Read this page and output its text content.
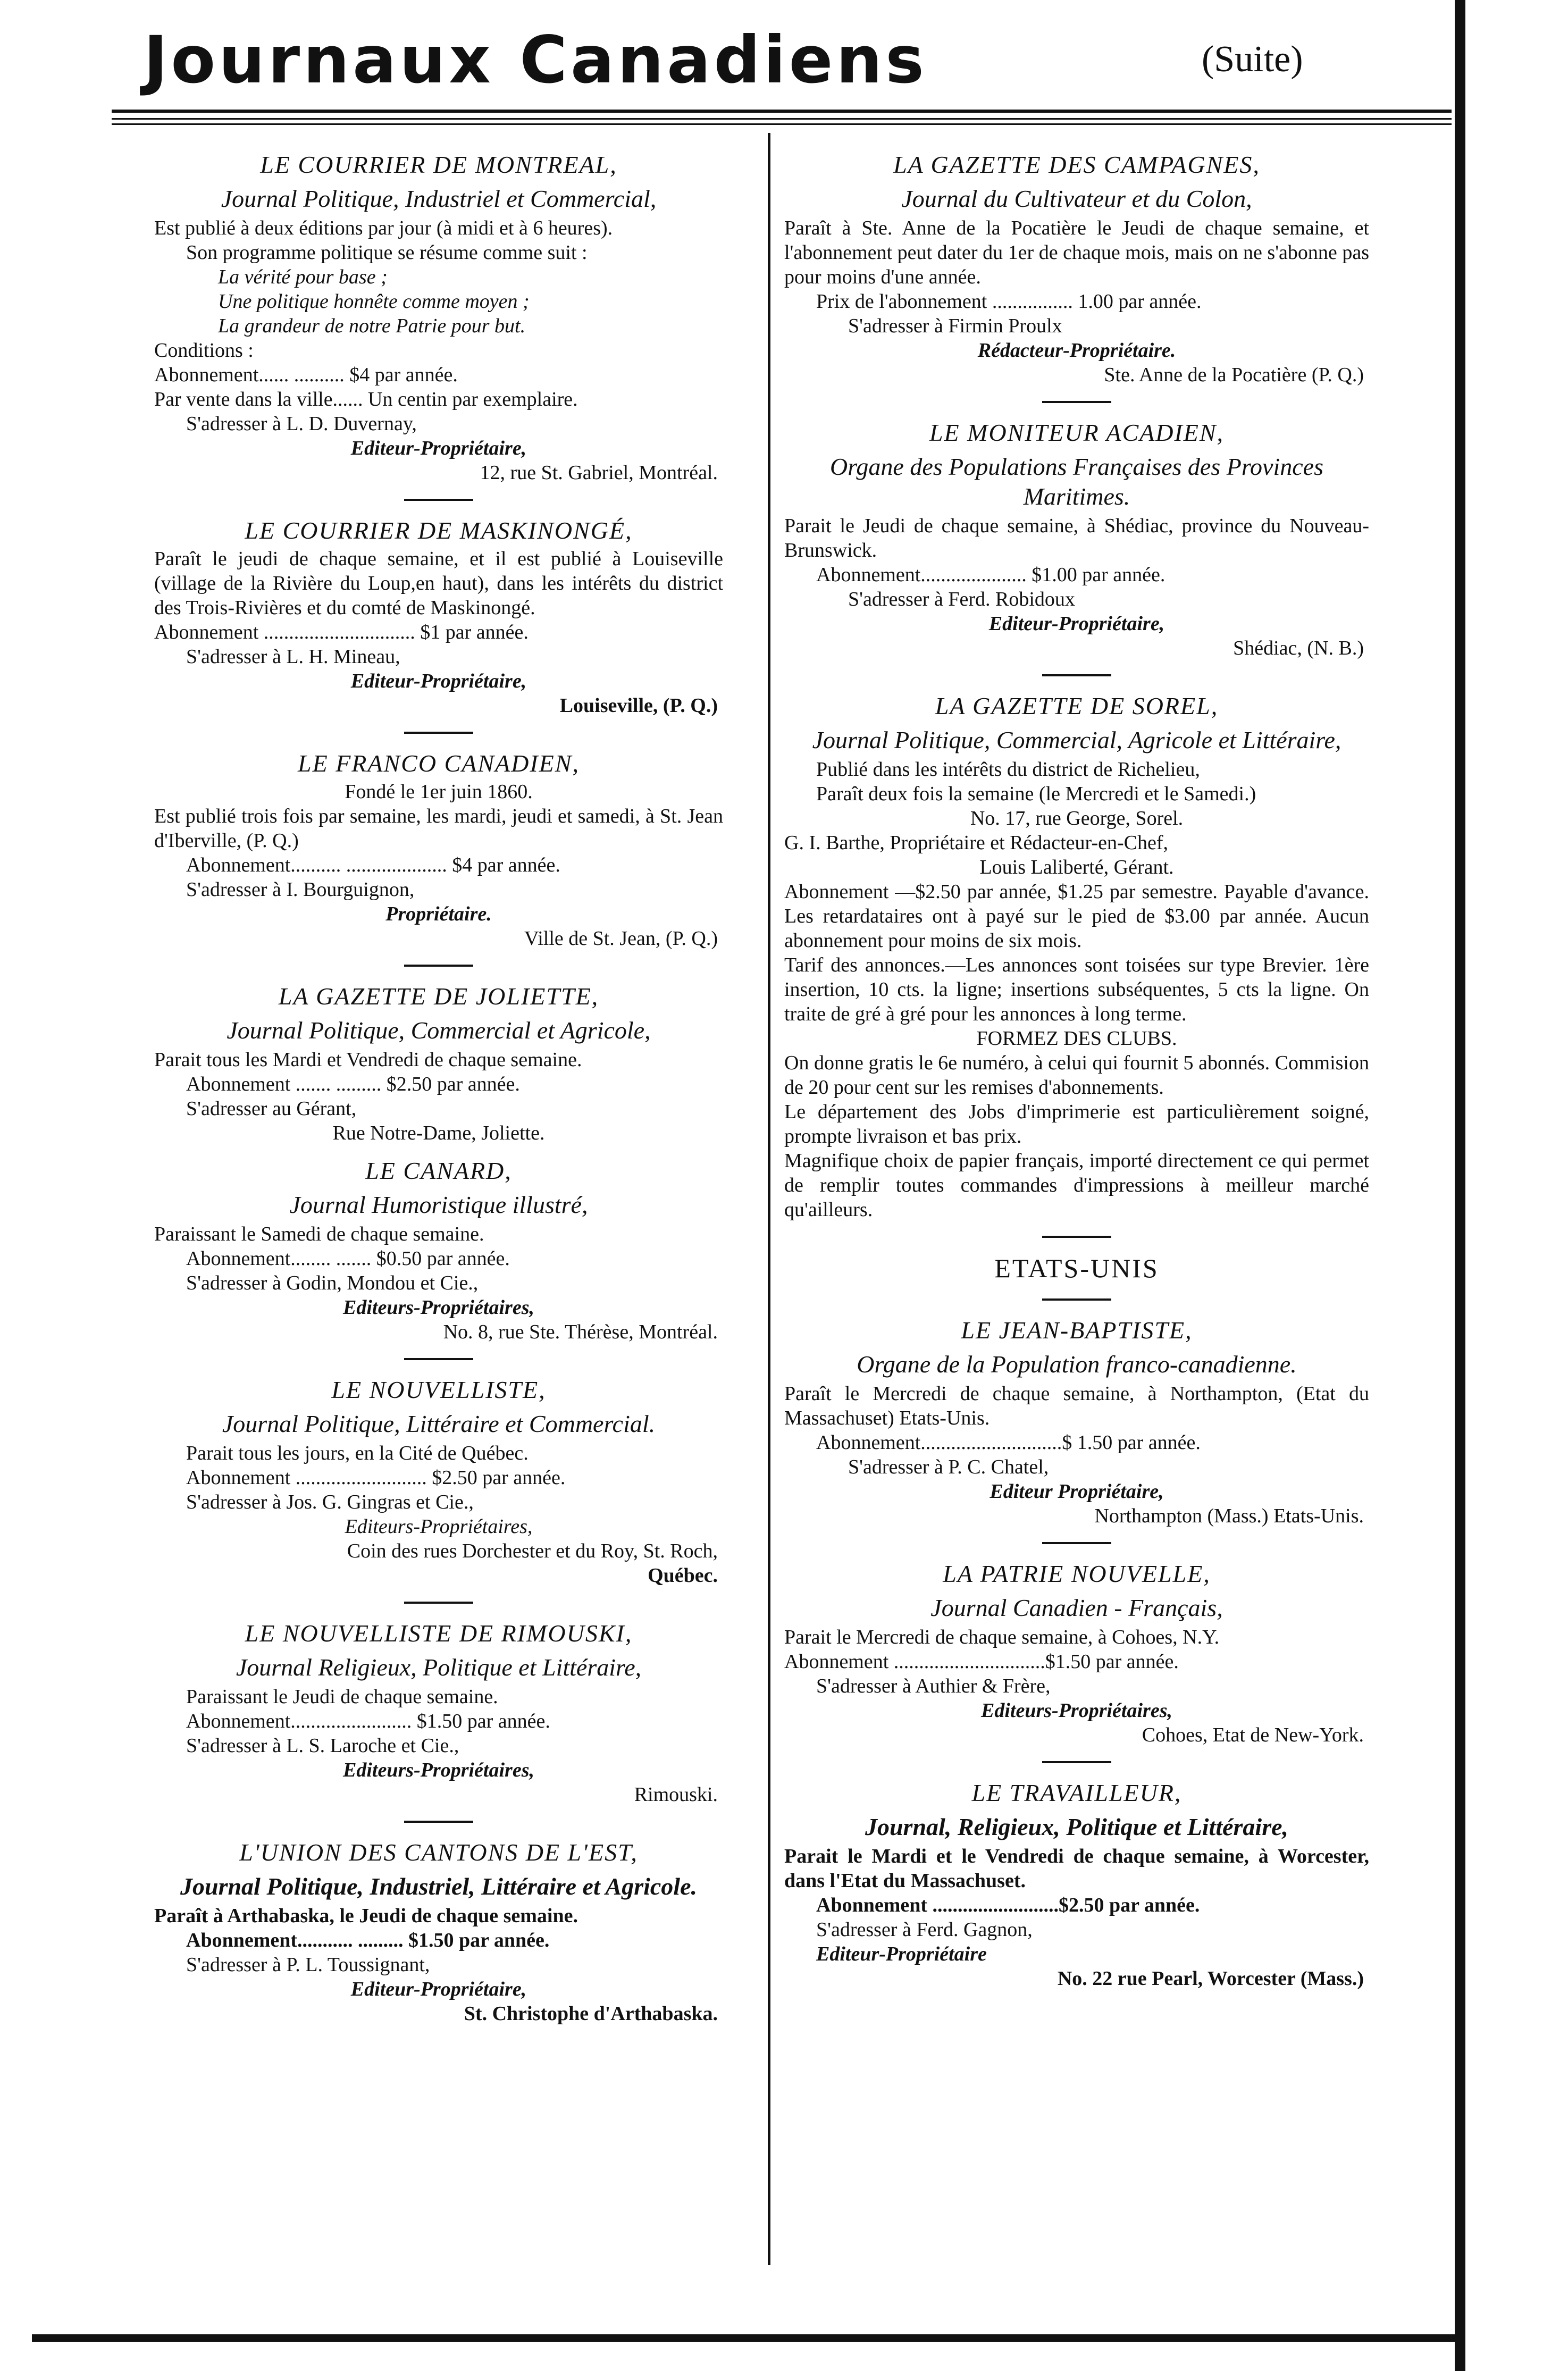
Journaux Canadiens	(Suite)

LE COURRIER DE MONTREAL,

Journal Politique, Industriel et Commercial,

Est publié à deux éditions par jour (à midi et à 6 heures).

Son programme politique se résume comme suit :

La vérité pour base ;

Une politique honnête comme moyen ;

La grandeur de notre Patrie pour but.

Conditions :

Abonnement...... .......... $4 par année.

Par vente dans la ville...... Un centin par exemplaire.

S'adresser à L. D. Duvernay,

Editeur-Propriétaire,

12, rue St. Gabriel, Montréal.

LE COURRIER DE MASKINONGÉ,

Paraît le jeudi de chaque semaine, et il est publié à Louiseville (village de la Rivière du Loup,en haut), dans les intérêts du district des Trois-Rivières et du comté de Maskinongé.

Abonnement .............................. $1 par année.

S'adresser à L. H. Mineau,

Editeur-Propriétaire,

Louiseville, (P. Q.)

LE FRANCO CANADIEN,

Fondé le 1er juin 1860.

Est publié trois fois par semaine, les mardi, jeudi et samedi, à St. Jean d'Iberville, (P. Q.)

Abonnement.......... .................... $4 par année.

S'adresser à I. Bourguignon,

Propriétaire.

Ville de St. Jean, (P. Q.)

LA GAZETTE DE JOLIETTE,

Journal Politique, Commercial et Agricole,

Parait tous les Mardi et Vendredi de chaque semaine.

Abonnement ....... ......... $2.50 par année.

S'adresser au Gérant,

Rue Notre-Dame, Joliette.

LE CANARD,

Journal Humoristique illustré,

Paraissant le Samedi de chaque semaine.

Abonnement........ ....... $0.50 par année.

S'adresser à Godin, Mondou et Cie.,

Editeurs-Propriétaires,

No. 8, rue Ste. Thérèse, Montréal.

LE NOUVELLISTE,

Journal Politique, Littéraire et Commercial.

Parait tous les jours, en la Cité de Québec.

Abonnement .......................... $2.50 par année.

S'adresser à Jos. G. Gingras et Cie.,

Editeurs-Propriétaires,

Coin des rues Dorchester et du Roy, St. Roch,

Québec.

LE NOUVELLISTE DE RIMOUSKI,

Journal Religieux, Politique et Littéraire,

Paraissant le Jeudi de chaque semaine.

Abonnement........................ $1.50 par année.

S'adresser à L. S. Laroche et Cie.,

Editeurs-Propriétaires,

Rimouski.

L'UNION DES CANTONS DE L'EST,

Journal Politique, Industriel, Littéraire et Agricole.

Paraît à Arthabaska, le Jeudi de chaque semaine.

Abonnement........... ......... $1.50 par année.

S'adresser à P. L. Toussignant,

Editeur-Propriétaire,

St. Christophe d'Arthabaska.

LA GAZETTE DES CAMPAGNES,

Journal du Cultivateur et du Colon,

Paraît à Ste. Anne de la Pocatière le Jeudi de chaque semaine, et l'abonnement peut dater du 1er de chaque mois, mais on ne s'abonne pas pour moins d'une année.

Prix de l'abonnement ................ 1.00 par année.

S'adresser à Firmin Proulx

Rédacteur-Propriétaire.

Ste. Anne de la Pocatière (P. Q.)

LE MONITEUR ACADIEN,

Organe des Populations Françaises des Provinces Maritimes.

Parait le Jeudi de chaque semaine, à Shédiac, province du Nouveau-Brunswick.

Abonnement..................... $1.00 par année.

S'adresser à Ferd. Robidoux

Editeur-Propriétaire,

Shédiac, (N. B.)

LA GAZETTE DE SOREL,

Journal Politique, Commercial, Agricole et Littéraire,

Publié dans les intérêts du district de Richelieu,

Paraît deux fois la semaine (le Mercredi et le Samedi.)

No. 17, rue George, Sorel.

G. I. Barthe, Propriétaire et Rédacteur-en-Chef,

Louis Laliberté, Gérant.

Abonnement —$2.50 par année, $1.25 par semestre. Payable d'avance. Les retardataires ont à payé sur le pied de $3.00 par année. Aucun abonnement pour moins de six mois.

Tarif des annonces.—Les annonces sont toisées sur type Brevier. 1ère insertion, 10 cts. la ligne; insertions subséquentes, 5 cts la ligne. On traite de gré à gré pour les annonces à long terme.

FORMEZ DES CLUBS.

On donne gratis le 6e numéro, à celui qui fournit 5 abonnés. Commision de 20 pour cent sur les remises d'abonnements.

Le département des Jobs d'imprimerie est particulièrement soigné, prompte livraison et bas prix.

Magnifique choix de papier français, importé directement ce qui permet de remplir toutes commandes d'impressions à meilleur marché qu'ailleurs.

ETATS-UNIS

LE JEAN-BAPTISTE,

Organe de la Population franco-canadienne.

Paraît le Mercredi de chaque semaine, à Northampton, (Etat du Massachuset) Etats-Unis.

Abonnement............................$ 1.50 par année.

S'adresser à P. C. Chatel,

Editeur Propriétaire,

Northampton (Mass.) Etats-Unis.

LA PATRIE NOUVELLE,

Journal Canadien - Français,

Parait le Mercredi de chaque semaine, à Cohoes, N.Y.

Abonnement ..............................$1.50 par année.

S'adresser à Authier & Frère,

Editeurs-Propriétaires,

Cohoes, Etat de New-York.

LE TRAVAILLEUR,

Journal, Religieux, Politique et Littéraire,

Parait le Mardi et le Vendredi de chaque semaine, à Worcester, dans l'Etat du Massachuset.

Abonnement .........................$2.50 par année.

S'adresser à Ferd. Gagnon,

Editeur-Propriétaire

No. 22 rue Pearl, Worcester (Mass.)
